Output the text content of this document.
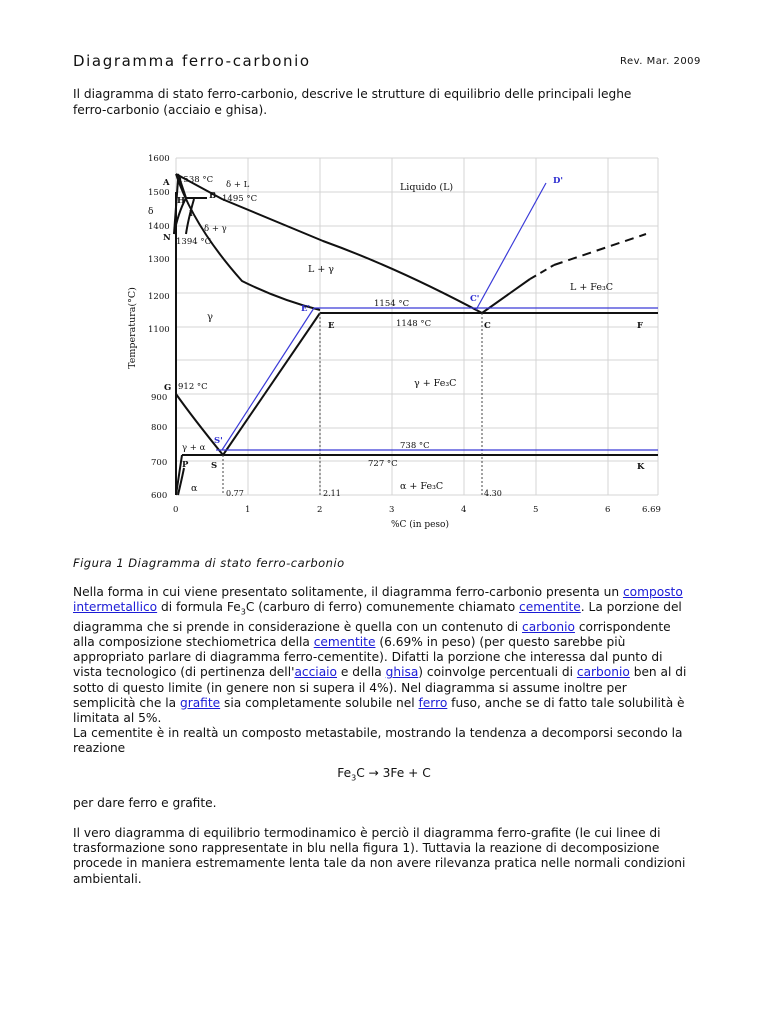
Diagramma ferro-carbonio	Rev. Mar. 2009
Il diagramma di stato ferro-carbonio, descrive le strutture di equilibrio delle principali leghe
ferro-carbonio (acciaio e ghisa).
1600
1500
1400
1300
1200
1100
900
800
700
600
0	1	2	3	4	5	6	6.69
Temperatura(°C)
%C (in peso)
A
B
H
I
N
G
P	S
E	C	F
K
E'
C'
S'
D'
1538 °C δ + L
1495 °C
δ
δ + γ
1394 °C
Liquido (L)
L + γ
L + Fe₃C
γ
1154 °C
1148 °C
912 °C	γ + Fe₃C
γ + α	738 °C
727 °C
α	α + Fe₃C
0.77	2.11	4.30
Figura 1 Diagramma di stato ferro-carbonio
Nella forma in cui viene presentato solitamente, il diagramma ferro-carbonio presenta un composto
intermetallico di formula $Fe_3C$ (carburo di ferro) comunemente chiamato cementite. La porzione del
diagramma che si prende in considerazione è quella con un contenuto di carbonio corrispondente
alla composizione stechiometrica della cementite (6.69% in peso) (per questo sarebbe più
appropriato parlare di diagramma ferro-cementite). Difatti la porzione che interessa dal punto di
vista tecnologico (di pertinenza dell'acciaio e della ghisa) coinvolge percentuali di carbonio ben al di
sotto di questo limite (in genere non si supera il 4%). Nel diagramma si assume inoltre per
semplicità che la grafite sia completamente solubile nel ferro fuso, anche se di fatto tale solubilità è
limitata al 5%.
La cementite è in realtà un composto metastabile, mostrando la tendenza a decomporsi secondo la
reazione
$Fe_3C \to 3Fe + C$
per dare ferro e grafite.
Il vero diagramma di equilibrio termodinamico è perciò il diagramma ferro-grafite (le cui linee di
trasformazione sono rappresentate in blu nella figura 1). Tuttavia la reazione di decomposizione
procede in maniera estremamente lenta tale da non avere rilevanza pratica nelle normali condizioni
ambientali.
